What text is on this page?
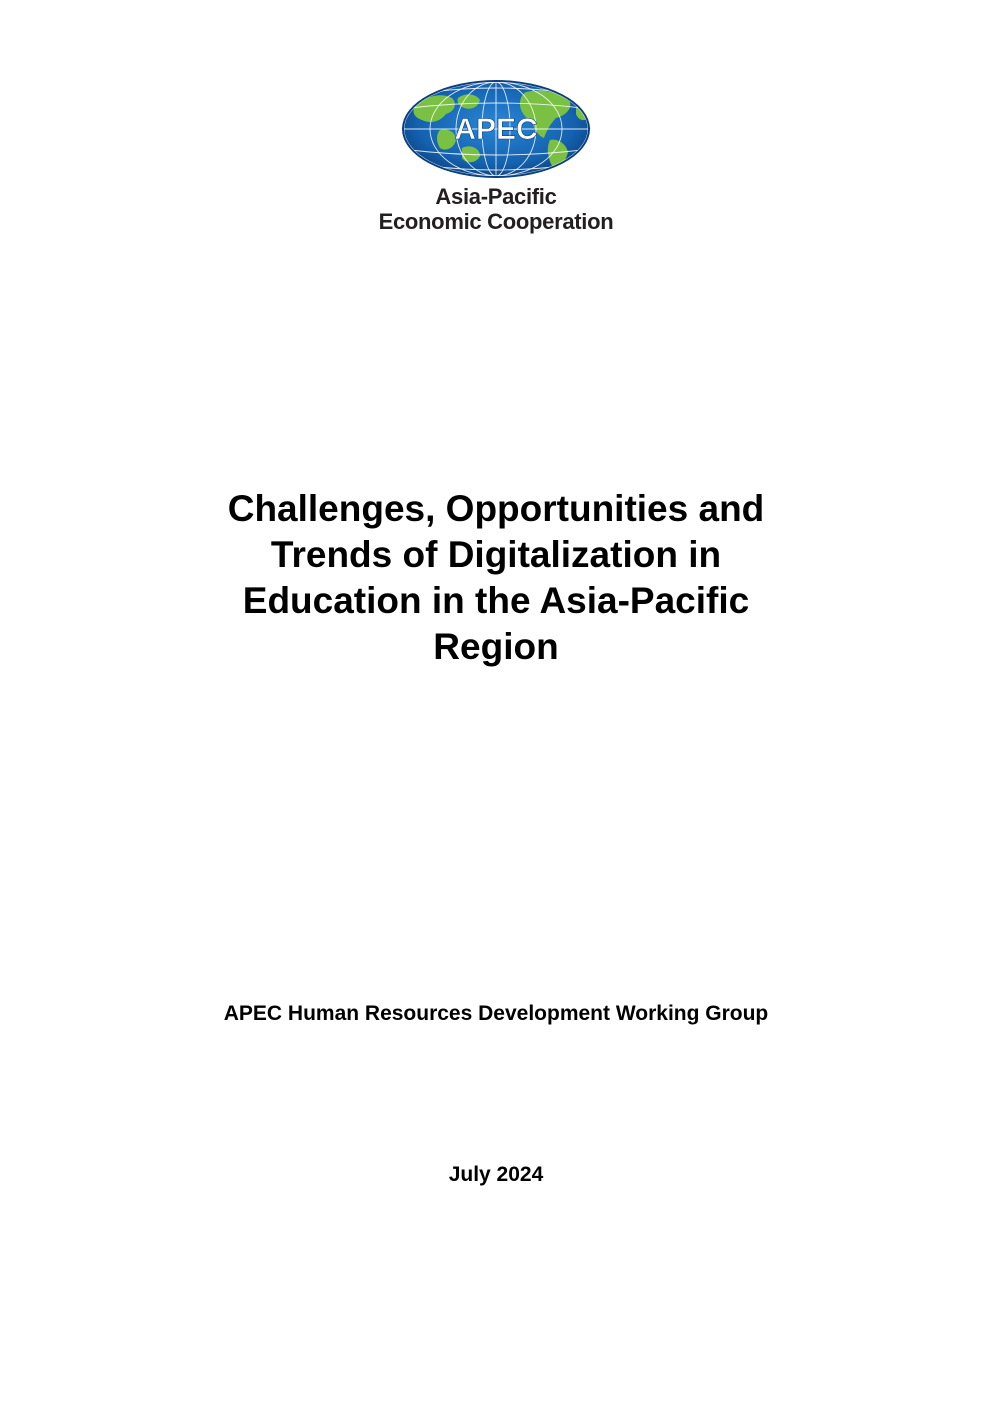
APEC
Asia-Pacific
Economic Cooperation
Challenges, Opportunities and
Trends of Digitalization in
Education in the Asia-Pacific
Region
APEC Human Resources Development Working Group
July 2024
